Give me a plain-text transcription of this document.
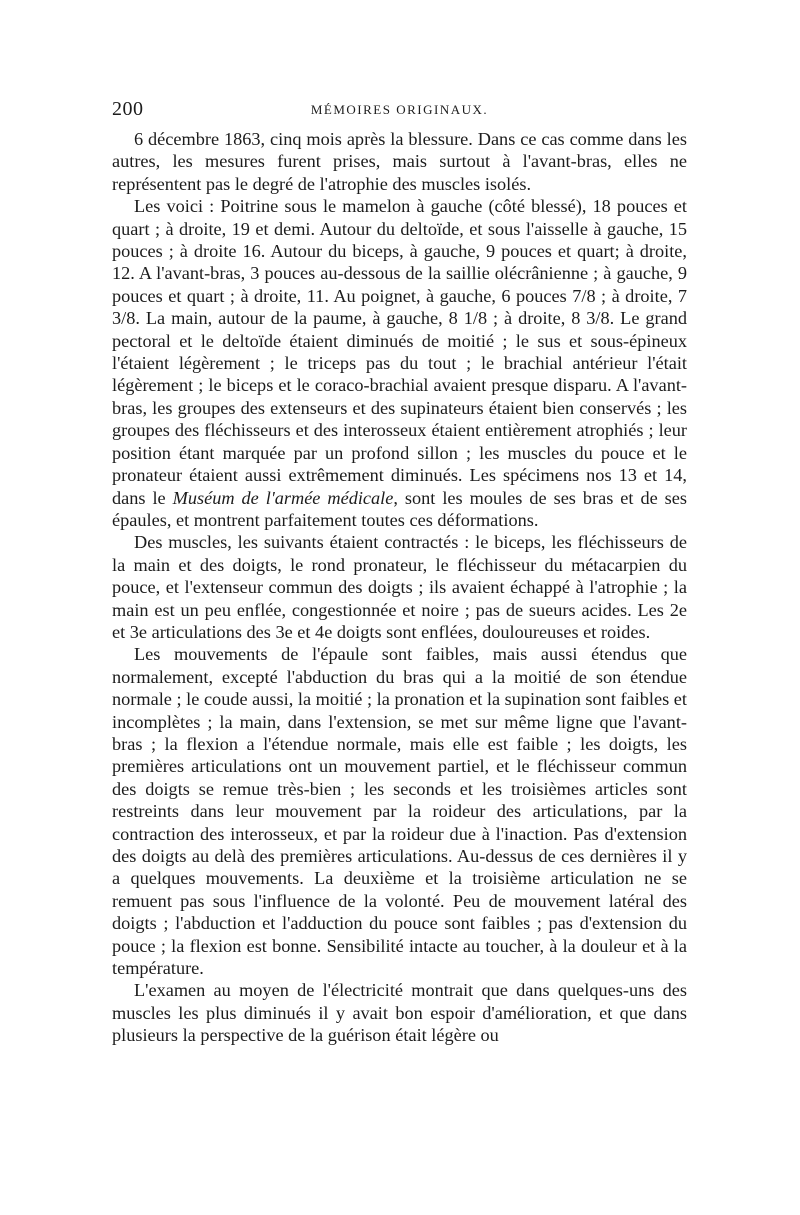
200	MÉMOIRES ORIGINAUX.

6 décembre 1863, cinq mois après la blessure. Dans ce cas comme dans les autres, les mesures furent prises, mais surtout à l'avant-bras, elles ne représentent pas le degré de l'atrophie des muscles isolés.

Les voici : Poitrine sous le mamelon à gauche (côté blessé), 18 pouces et quart ; à droite, 19 et demi. Autour du deltoïde, et sous l'aisselle à gauche, 15 pouces ; à droite 16. Autour du biceps, à gauche, 9 pouces et quart; à droite, 12. A l'avant-bras, 3 pouces au-dessous de la saillie olécrânienne ; à gauche, 9 pouces et quart ; à droite, 11. Au poignet, à gauche, 6 pouces 7/8 ; à droite, 7 3/8. La main, autour de la paume, à gauche, 8 1/8 ; à droite, 8 3/8. Le grand pectoral et le deltoïde étaient diminués de moitié ; le sus et sous-épineux l'étaient légèrement ; le triceps pas du tout ; le brachial antérieur l'était légèrement ; le biceps et le coraco-brachial avaient presque disparu. A l'avant-bras, les groupes des extenseurs et des supinateurs étaient bien conservés ; les groupes des fléchisseurs et des interosseux étaient entièrement atrophiés ; leur position étant marquée par un profond sillon ; les muscles du pouce et le pronateur étaient aussi extrêmement diminués. Les spécimens nos 13 et 14, dans le Muséum de l'armée médicale, sont les moules de ses bras et de ses épaules, et montrent parfaitement toutes ces déformations.

Des muscles, les suivants étaient contractés : le biceps, les fléchisseurs de la main et des doigts, le rond pronateur, le fléchisseur du métacarpien du pouce, et l'extenseur commun des doigts ; ils avaient échappé à l'atrophie ; la main est un peu enflée, congestionnée et noire ; pas de sueurs acides. Les 2e et 3e articulations des 3e et 4e doigts sont enflées, douloureuses et roides.

Les mouvements de l'épaule sont faibles, mais aussi étendus que normalement, excepté l'abduction du bras qui a la moitié de son étendue normale ; le coude aussi, la moitié ; la pronation et la supination sont faibles et incomplètes ; la main, dans l'extension, se met sur même ligne que l'avant-bras ; la flexion a l'étendue normale, mais elle est faible ; les doigts, les premières articulations ont un mouvement partiel, et le fléchisseur commun des doigts se remue très-bien ; les seconds et les troisièmes articles sont restreints dans leur mouvement par la roideur des articulations, par la contraction des interosseux, et par la roideur due à l'inaction. Pas d'extension des doigts au delà des premières articulations. Au-dessus de ces dernières il y a quelques mouvements. La deuxième et la troisième articulation ne se remuent pas sous l'influence de la volonté. Peu de mouvement latéral des doigts ; l'abduction et l'adduction du pouce sont faibles ; pas d'extension du pouce ; la flexion est bonne. Sensibilité intacte au toucher, à la douleur et à la température.

L'examen au moyen de l'électricité montrait que dans quelques-uns des muscles les plus diminués il y avait bon espoir d'amélioration, et que dans plusieurs la perspective de la guérison était légère ou
